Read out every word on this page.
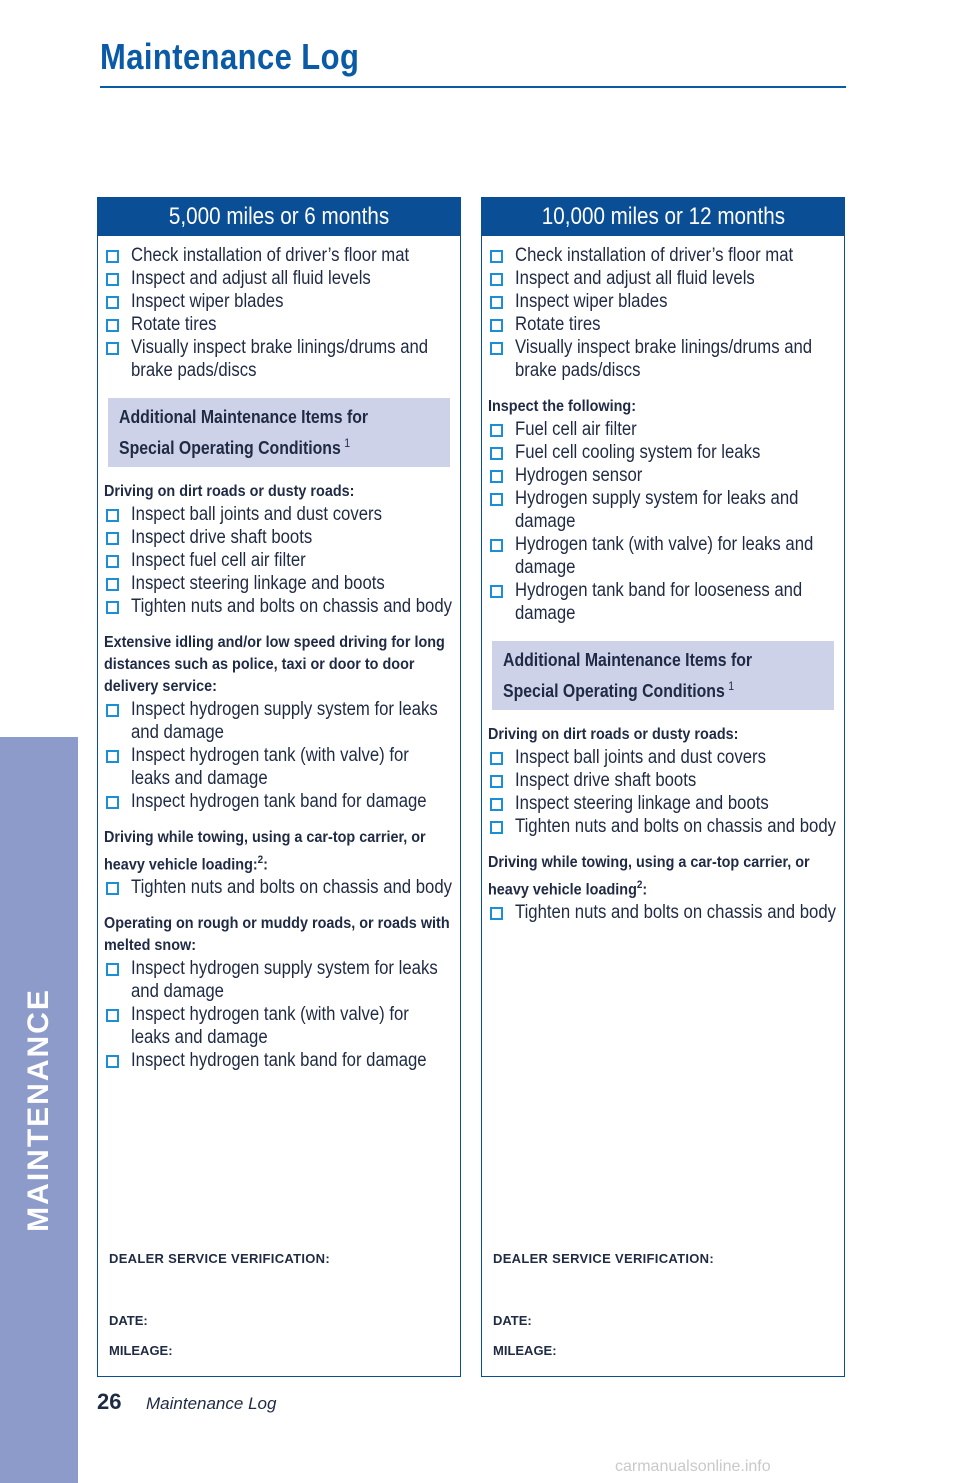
Maintenance Log
MAINTENANCE
5,000 miles or 6 months
Check installation of driver’s floor mat
Inspect and adjust all fluid levels
Inspect wiper blades
Rotate tires
Visually inspect brake linings/drums and brake pads/discs
Additional Maintenance Items for
Special Operating Conditions $^1$
Driving on dirt roads or dusty roads:
Inspect ball joints and dust covers
Inspect drive shaft boots
Inspect fuel cell air filter
Inspect steering linkage and boots
Tighten nuts and bolts on chassis and body
Extensive idling and/or low speed driving for long distances such as police, taxi or door to door delivery service:
Inspect hydrogen supply system for leaks and damage
Inspect hydrogen tank (with valve) for leaks and damage
Inspect hydrogen tank band for damage
Driving while towing, using a car-top carrier, or heavy vehicle loading:$^2$:
Tighten nuts and bolts on chassis and body
Operating on rough or muddy roads, or roads with melted snow:
Inspect hydrogen supply system for leaks and damage
Inspect hydrogen tank (with valve) for leaks and damage
Inspect hydrogen tank band for damage
DEALER SERVICE VERIFICATION:
DATE:
MILEAGE:
10,000 miles or 12 months
Check installation of driver’s floor mat
Inspect and adjust all fluid levels
Inspect wiper blades
Rotate tires
Visually inspect brake linings/drums and brake pads/discs
Inspect the following:
Fuel cell air filter
Fuel cell cooling system for leaks
Hydrogen sensor
Hydrogen supply system for leaks and damage
Hydrogen tank (with valve) for leaks and damage
Hydrogen tank band for looseness and damage
Additional Maintenance Items for
Special Operating Conditions $^1$
Driving on dirt roads or dusty roads:
Inspect ball joints and dust covers
Inspect drive shaft boots
Inspect steering linkage and boots
Tighten nuts and bolts on chassis and body
Driving while towing, using a car-top carrier, or heavy vehicle loading$^2$:
Tighten nuts and bolts on chassis and body
DEALER SERVICE VERIFICATION:
DATE:
MILEAGE:
26 Maintenance Log
carmanualsonline.info
